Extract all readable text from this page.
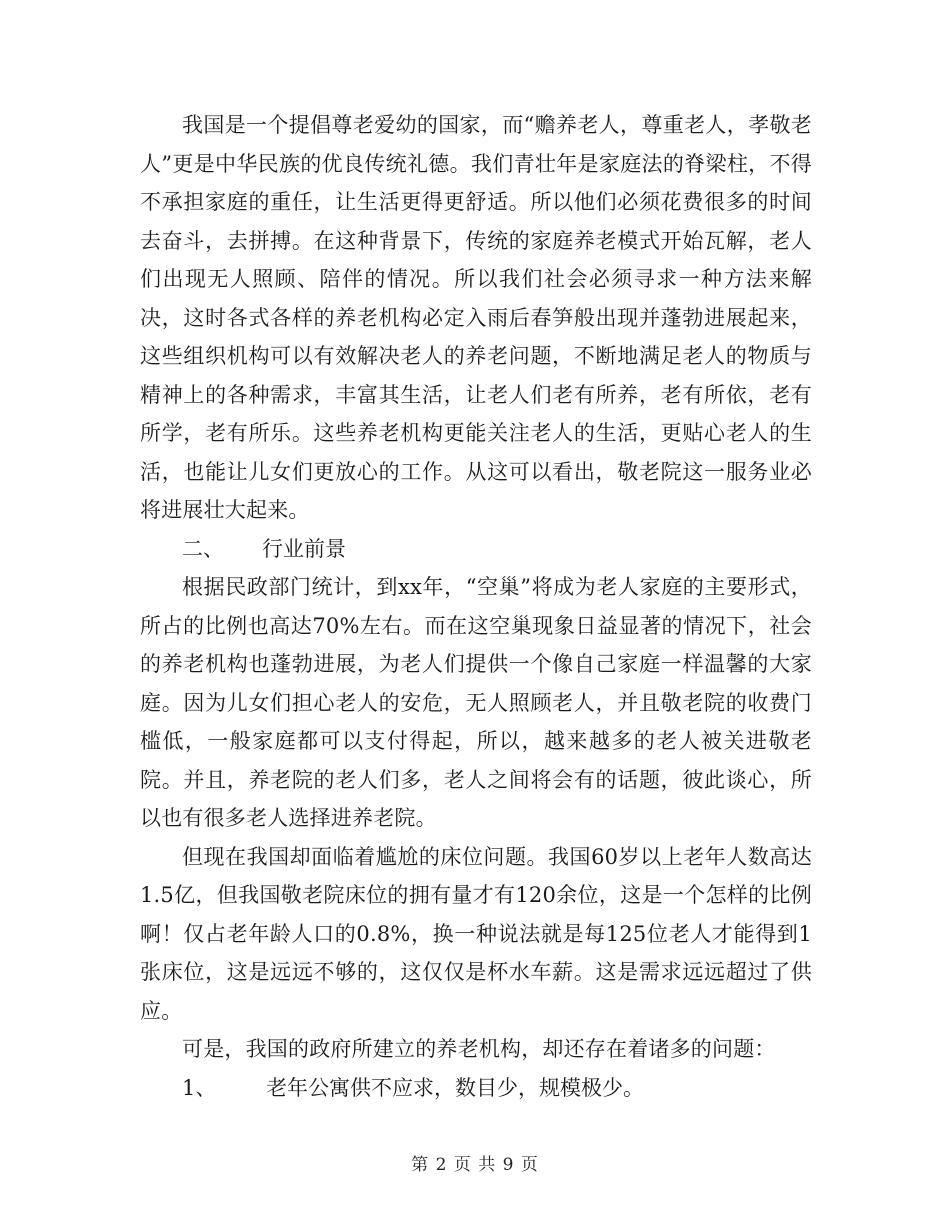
我国是一个提倡尊老爱幼的国家，而“赡养老人，尊重老人，孝敬老人”更是中华民族的优良传统礼德。我们青壮年是家庭法的脊梁柱，不得不承担家庭的重任，让生活更得更舒适。所以他们必须花费很多的时间去奋斗，去拼搏。在这种背景下，传统的家庭养老模式开始瓦解，老人们出现无人照顾、陪伴的情况。所以我们社会必须寻求一种方法来解决，这时各式各样的养老机构必定入雨后春笋般出现并蓬勃进展起来，这些组织机构可以有效解决老人的养老问题，不断地满足老人的物质与精神上的各种需求，丰富其生活，让老人们老有所养，老有所依，老有所学，老有所乐。这些养老机构更能关注老人的生活，更贴心老人的生活，也能让儿女们更放心的工作。从这可以看出，敬老院这一服务业必将进展壮大起来。

二、 行业前景

根据民政部门统计，到xx年，“空巢”将成为老人家庭的主要形式，所占的比例也高达70%左右。而在这空巢现象日益显著的情况下，社会的养老机构也蓬勃进展，为老人们提供一个像自己家庭一样温馨的大家庭。因为儿女们担心老人的安危，无人照顾老人，并且敬老院的收费门槛低，一般家庭都可以支付得起，所以，越来越多的老人被关进敬老院。并且，养老院的老人们多，老人之间将会有的话题，彼此谈心，所以也有很多老人选择进养老院。

但现在我国却面临着尴尬的床位问题。我国60岁以上老年人数高达1.5亿，但我国敬老院床位的拥有量才有120余位，这是一个怎样的比例啊！仅占老年龄人口的0.8%，换一种说法就是每125位老人才能得到1张床位，这是远远不够的，这仅仅是杯水车薪。这是需求远远超过了供应。

可是，我国的政府所建立的养老机构，却还存在着诸多的问题：

1、 老年公寓供不应求，数目少，规模极少。

第 2 页 共 9 页
